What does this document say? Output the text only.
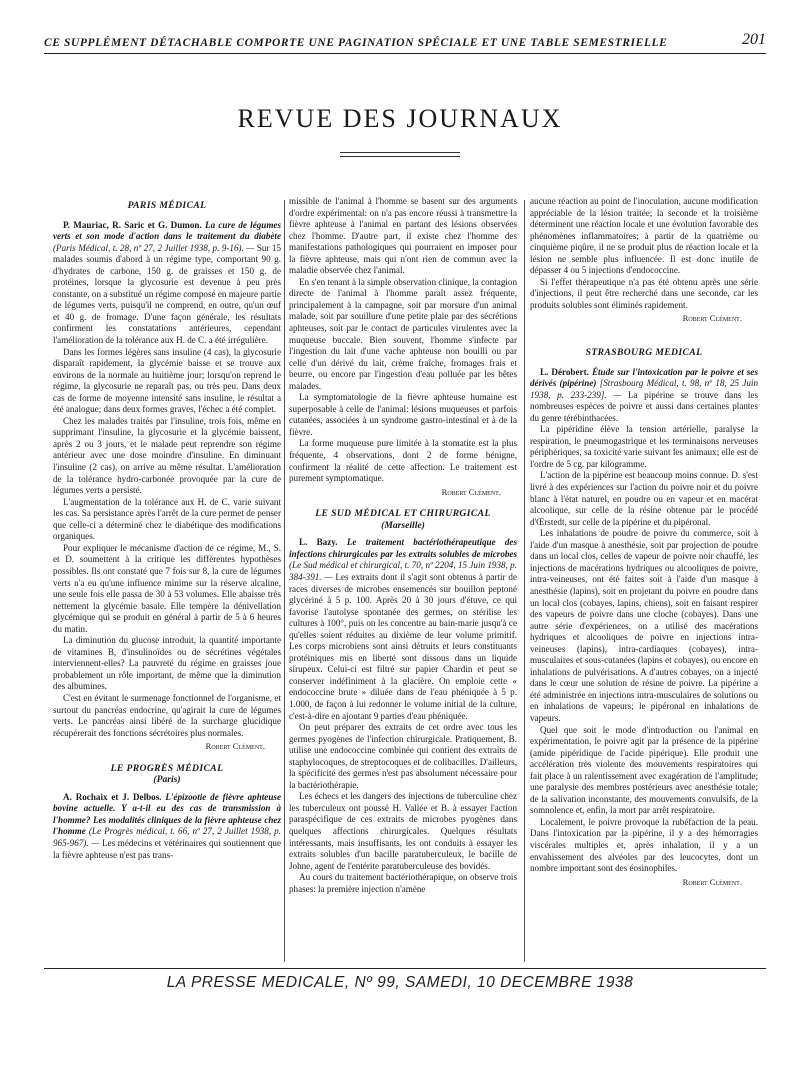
CE SUPPLÉMENT DÉTACHABLE COMPORTE UNE PAGINATION SPÉCIALE ET UNE TABLE SEMESTRIELLE	201
REVUE DES JOURNAUX
PARIS MÉDICAL

P. Mauriac, R. Saric et G. Dumon. La cure de légumes verts et son mode d'action dans le traitement du diabète (Paris Médical, t. 28, nº 27, 2 Juillet 1938, p. 9-16). — Sur 15 malades soumis d'abord à un régime type, comportant 90 g. d'hydrates de carbone, 150 g. de graisses et 150 g. de protéines, lorsque la glycosurie est devenue à peu près constante, on a substitué un régime composé en majeure partie de légumes verts, puisqu'il ne comprend, en outre, qu'un œuf et 40 g. de fromage. D'une façon générale, les résultats confirment les constatations antérieures, cependant l'amélioration de la tolérance aux H. de C. a été irrégulière.

Dans les formes légères sans insuline (4 cas), la glycosurie disparaît rapidement, la glycémie baisse et se trouve aux environs de la normale au huitième jour; lorsqu'on reprend le régime, la glycosurie ne reparaît pas, ou très peu. Dans deux cas de forme de moyenne intensité sans insuline, le résultat a été analogue; dans deux formes graves, l'échec a été complet.

Chez les malades traités par l'insuline, trois fois, même en supprimant l'insuline, la glycosurie et la glycémie baissent, après 2 ou 3 jours, et le malade peut reprendre son régime antérieur avec une dose moindre d'insuline. En diminuant l'insuline (2 cas), on arrive au même résultat. L'amélioration de la tolérance hydro-carbonée provoquée par la cure de légumes verts a persisté.

L'augmentation de la tolérance aux H. de C. varie suivant les cas. Sa persistance après l'arrêt de la cure permet de penser que celle-ci a déterminé chez le diabétique des modifications organiques.

Pour expliquer le mécanisme d'action de ce régime, M., S. et D. soumettent à la critique les différentes hypothèses possibles. Ils ont constaté que 7 fois sur 8, la cure de légumes verts n'a eu qu'une influence minime sur la réserve alcaline, une seule fois elle passa de 30 à 53 volumes. Elle abaisse très nettement la glycémie basale. Elle tempère la dénivellation glycémique qui se produit en général à partir de 5 à 6 heures du matin.

La diminution du glucose introduit, la quantité importante de vitamines B, d'insulinoïdes ou de sécrétines végétales interviennent-elles? La pauvreté du régime en graisses joue probablement un rôle important, de même que la diminution des albumines.

C'est en évitant le surmenage fonctionnel de l'organisme, et surtout du pancréas endocrine, qu'agirait la cure de légumes verts. Le pancréas ainsi libéré de la surcharge glucidique récupérerait des fonctions sécrétoires plus normales.

Robert Clément.
LE PROGRÈS MÉDICAL
(Paris)

A. Rochaix et J. Delbos. L'épizootie de fièvre aphteuse bovine actuelle. Y a-t-il eu des cas de transmission à l'homme? Les modalités cliniques de la fièvre aphteuse chez l'homme (Le Progrès médical, t. 66, nº 27, 2 Juillet 1938, p. 965-967). — Les médecins et vétérinaires qui soutiennent que la fièvre aphteuse n'est pas trans-

missible de l'animal à l'homme se basent sur des arguments d'ordre expérimental: on n'a pas encore réussi à transmettre la fièvre aphteuse à l'animal en partant des lésions observées chez l'homme. D'autre part, il existe chez l'homme des manifestations pathologiques qui pourraient en imposer pour la fièvre aphteuse, mais qui n'ont rien de commun avec la maladie observée chez l'animal.

En s'en tenant à la simple observation clinique, la contagion directe de l'animal à l'homme paraît assez fréquente, principalement à la campagne, soit par morsure d'un animal malade, soit par souillure d'une petite plaie par des sécrétions aphteuses, soit par le contact de particules virulentes avec la muqueuse buccale. Bien souvent, l'homme s'infecte par l'ingestion du lait d'une vache aphteuse non bouilli ou par celle d'un dérivé du lait, crème fraîche, fromages frais et beurre, ou encore par l'ingestion d'eau polluée par les bêtes malades.

La symptomatologie de la fièvre aphteuse humaine est superposable à celle de l'animal: lésions muqueuses et parfois cutanées, associées à un syndrome gastro-intestinal et à de la fièvre.

La forme muqueuse pure limitée à la stomatite est la plus fréquente, 4 observations, dont 2 de forme bénigne, confirment la réalité de cette affection. Le traitement est purement symptomatique.

Robert Clément.
LE SUD MÉDICAL ET CHIRURGICAL
(Marseille)

L. Bazy. Le traitement bactériothérapeutique des infections chirurgicales par les extraits solubles de microbes (Le Sud médical et chirurgical, t. 70, nº 2204, 15 Juin 1938, p. 384-391. — Les extraits dont il s'agit sont obtenus à partir de races diverses de microbes ensemencés sur bouillon peptoné glycériné à 5 p. 100. Après 20 à 30 jours d'étuve, ce qui favorise l'autolyse spontanée des germes, on stérilise les cultures à 100°, puis on les concentre au bain-marie jusqu'à ce qu'elles soient réduites au dixième de leur volume primitif. Les corps microbiens sont ainsi détruits et leurs constituants protéiniques mis en liberté sont dissous dans un liquide sirupeux. Celui-ci est filtré sur papier Chardin et peut se conserver indéfiniment à la glacière. On emploie cette « endococcine brute » diluée dans de l'eau phéniquée à 5 p. 1.000, de façon à lui redonner le volume initial de la culture, c'est-à-dire en ajoutant 9 parties d'eau phéniquée.

On peut préparer des extraits de cet ordre avec tous les germes pyogènes de l'infection chirurgicale. Pratiquement, B. utilise une endococcine combinée qui contient des extraits de staphylocoques, de streptocoques et de colibacilles. D'ailleurs, la spécificité des germes n'est pas absolument nécessaire pour la bactériothérapie.

Les échecs et les dangers des injections de tuberculine chez les tuberculeux ont poussé H. Vallée et B. à essayer l'action paraspécifique de ces extraits de microbes pyogènes dans quelques affections chirurgicales. Quelques résultats intéressants, mais insuffisants, les ont conduits à essayer les extraits solubles d'un bacille paratuberculeux, le bacille de Johne, agent de l'entérite paratuberculeuse des bovidés.

Au cours du traitement bactériothérapique, on observe trois phases: la première injection n'amène

aucune réaction au point de l'inoculation, aucune modification appréciable de la lésion traitée; la seconde et la troisième déterminent une réaction locale et une évolution favorable des phénomènes inflammatoires; à partir de la quatrième ou cinquième piqûre, il ne se produit plus de réaction locale et la lésion ne semble plus influencée. Il est donc inutile de dépasser 4 ou 5 injections d'endococcine.

Si l'effet thérapeutique n'a pas été obtenu après une série d'injections, il peut être recherché dans une seconde, car les produits solubles sont éliminés rapidement.

Robert Clément.
STRASBOURG MEDICAL

L. Dérobert. Étude sur l'intoxication par le poivre et ses dérivés (pipérine) [Strasbourg Médical, t. 98, nº 18, 25 Juin 1938, p. 233-239]. — La pipérine se trouve dans les nombreuses espèces de poivre et aussi dans certaines plantes du genre térébinthacées.

La pipéridine élève la tension artérielle, paralyse la respiration, le pneumogastrique et les terminaisons nerveuses périphériques, sa toxicité varie suivant les animaux; elle est de l'ordre de 5 cg. par kilogramme.

L'action de la pipérine est beaucoup moins connue. D. s'est livré à des expériences sur l'action du poivre noir et du poivre blanc à l'état naturel, en poudre ou en vapeur et en macérat alcoolique, sur celle de la résine obtenue par le procédé d'Œrstedt, sur celle de la pipérine et du pipéronal.

Les inhalations de poudre de poivre du commerce, soit à l'aide d'un masque à anesthésie, soit par projection de poudre dans un local clos, celles de vapeur de poivre noir chauffé, les injections de macérations hydriques ou alcooliques de poivre, intra-veineuses, ont été faites soit à l'aide d'un masque à anesthésie (lapins), soit en projetant du poivre en poudre dans un local clos (cobayes, lapins, chiens), soit en faisant respirer des vapeurs de poivre dans une cloche (cobayes). Dans une autre série d'expériences, on a utilisé des macérations hydriques et alcooliques de poivre en injections intra-veineuses (lapins), intra-cardiaques (cobayes), intra-musculaires et sous-cutanées (lapins et cobayes), ou encore en inhalations de pulvérisations. A d'autres cobayes, on a injecté dans le cœur une solution de résine de poivre. La pipérine a été administrée en injections intra-musculaires de solutions ou en inhalations de vapeurs; le pipéronal en inhalations de vapeurs.

Quel que soit le mode d'introduction ou l'animal en expérimentation, le poivre agit par la présence de la pipérine (amide pipéridique de l'acide pipérique). Elle produit une accélération très violente des mouvements respiratoires qui fait place à un ralentissement avec exagération de l'amplitude; une paralysie des membres postérieurs avec anesthésie totale; de la salivation inconstante, des mouvements convulsifs, de la somnolence et, enfin, la mort par arrêt respiratoire.

Localement, le poivre provoque la rubéfaction de la peau. Dans l'intoxication par la pipérine, il y a des hémorragies viscérales multiples et, après inhalation, il y a un envahissement des alvéoles par des leucocytes, dont un nombre important sont des éosinophiles.

Robert Clément.
LA PRESSE MEDICALE, Nº 99, SAMEDI, 10 DECEMBRE 1938
